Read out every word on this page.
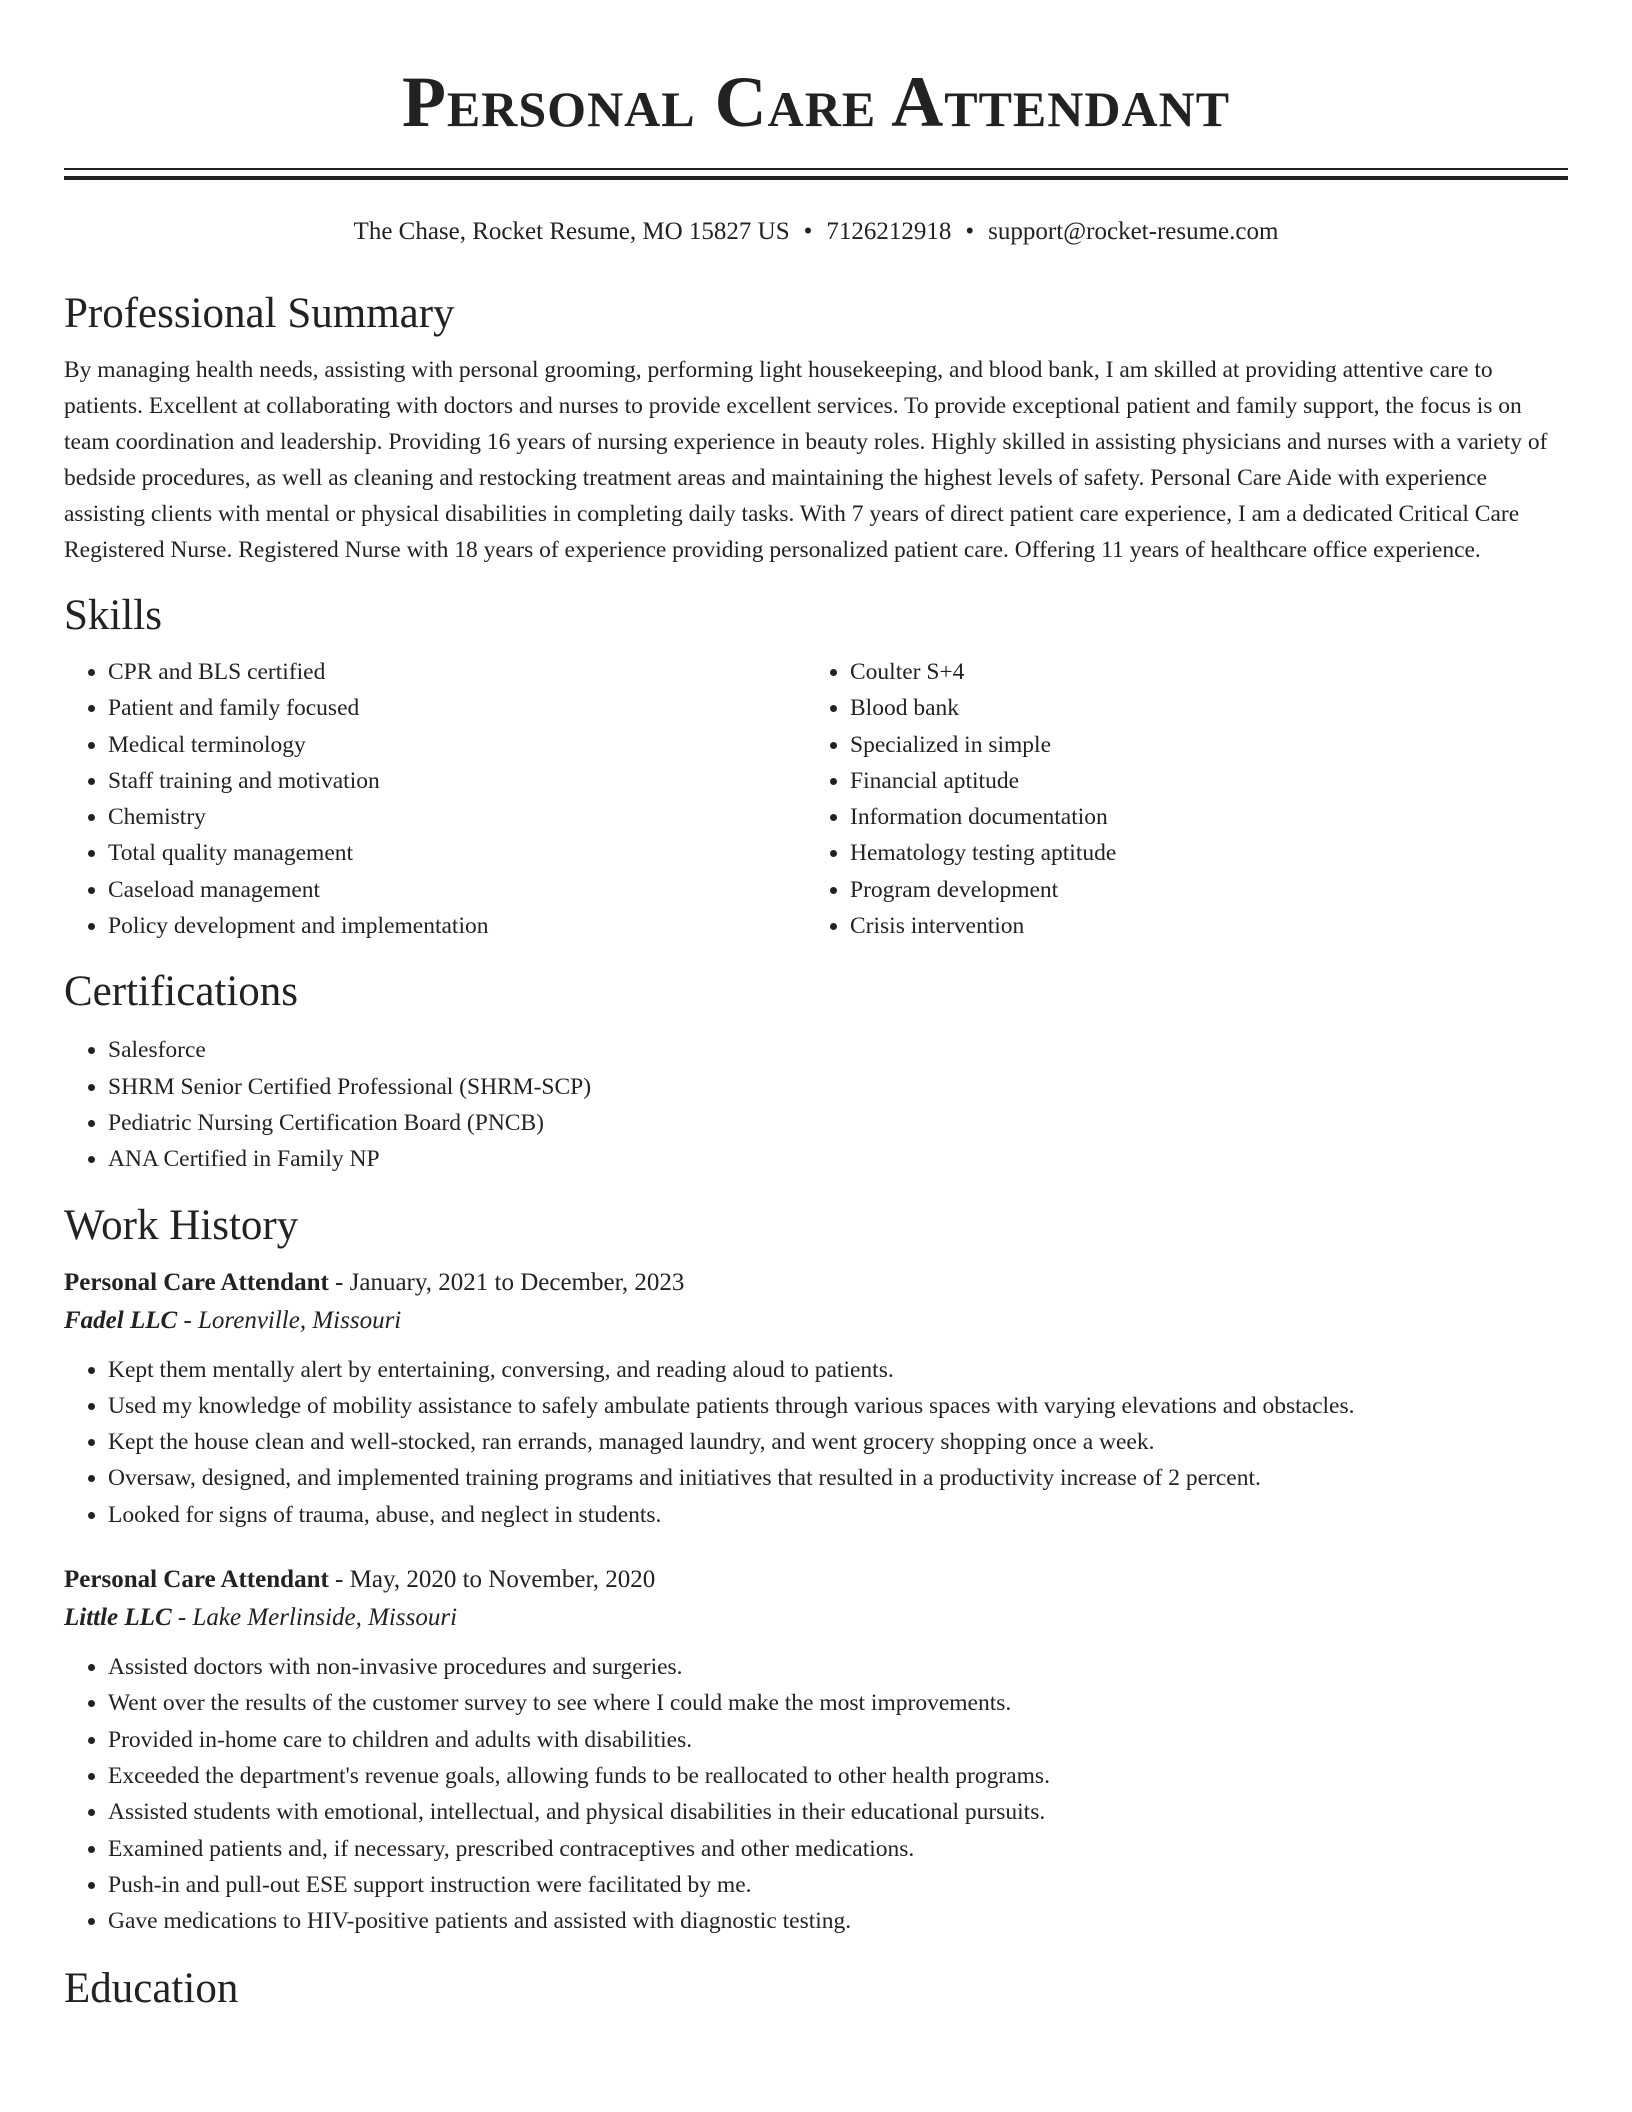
Personal Care Attendant
The Chase, Rocket Resume, MO 15827 US • 7126212918 • support@rocket-resume.com
Professional Summary
By managing health needs, assisting with personal grooming, performing light housekeeping, and blood bank, I am skilled at providing attentive care to patients. Excellent at collaborating with doctors and nurses to provide excellent services. To provide exceptional patient and family support, the focus is on team coordination and leadership. Providing 16 years of nursing experience in beauty roles. Highly skilled in assisting physicians and nurses with a variety of bedside procedures, as well as cleaning and restocking treatment areas and maintaining the highest levels of safety. Personal Care Aide with experience assisting clients with mental or physical disabilities in completing daily tasks. With 7 years of direct patient care experience, I am a dedicated Critical Care Registered Nurse. Registered Nurse with 18 years of experience providing personalized patient care. Offering 11 years of healthcare office experience.
Skills
• CPR and BLS certified
• Patient and family focused
• Medical terminology
• Staff training and motivation
• Chemistry
• Total quality management
• Caseload management
• Policy development and implementation
• Coulter S+4
• Blood bank
• Specialized in simple
• Financial aptitude
• Information documentation
• Hematology testing aptitude
• Program development
• Crisis intervention
Certifications
• Salesforce
• SHRM Senior Certified Professional (SHRM-SCP)
• Pediatric Nursing Certification Board (PNCB)
• ANA Certified in Family NP
Work History
Personal Care Attendant - January, 2021 to December, 2023
Fadel LLC - Lorenville, Missouri
• Kept them mentally alert by entertaining, conversing, and reading aloud to patients.
• Used my knowledge of mobility assistance to safely ambulate patients through various spaces with varying elevations and obstacles.
• Kept the house clean and well-stocked, ran errands, managed laundry, and went grocery shopping once a week.
• Oversaw, designed, and implemented training programs and initiatives that resulted in a productivity increase of 2 percent.
• Looked for signs of trauma, abuse, and neglect in students.
Personal Care Attendant - May, 2020 to November, 2020
Little LLC - Lake Merlinside, Missouri
• Assisted doctors with non-invasive procedures and surgeries.
• Went over the results of the customer survey to see where I could make the most improvements.
• Provided in-home care to children and adults with disabilities.
• Exceeded the department's revenue goals, allowing funds to be reallocated to other health programs.
• Assisted students with emotional, intellectual, and physical disabilities in their educational pursuits.
• Examined patients and, if necessary, prescribed contraceptives and other medications.
• Push-in and pull-out ESE support instruction were facilitated by me.
• Gave medications to HIV-positive patients and assisted with diagnostic testing.
Education
